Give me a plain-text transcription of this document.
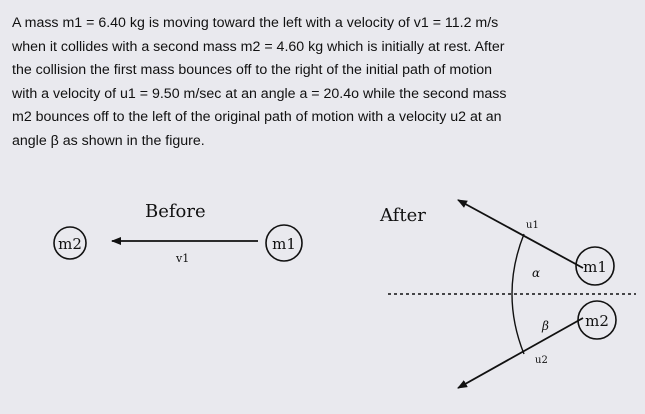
A mass m1 = 6.40 kg is moving toward the left with a velocity of v1 = 11.2 m/s
when it collides with a second mass m2 = 4.60 kg which is initially at rest. After
the collision the first mass bounces off to the right of the initial path of motion
with a velocity of u1 = 9.50 m/sec at an angle a = 20.4o while the second mass
m2 bounces off to the left of the original path of motion with a velocity u2 at an
angle β as shown in the figure.
Before
m2
v1
m1
After	u1
α
β
u2
m1
m2
